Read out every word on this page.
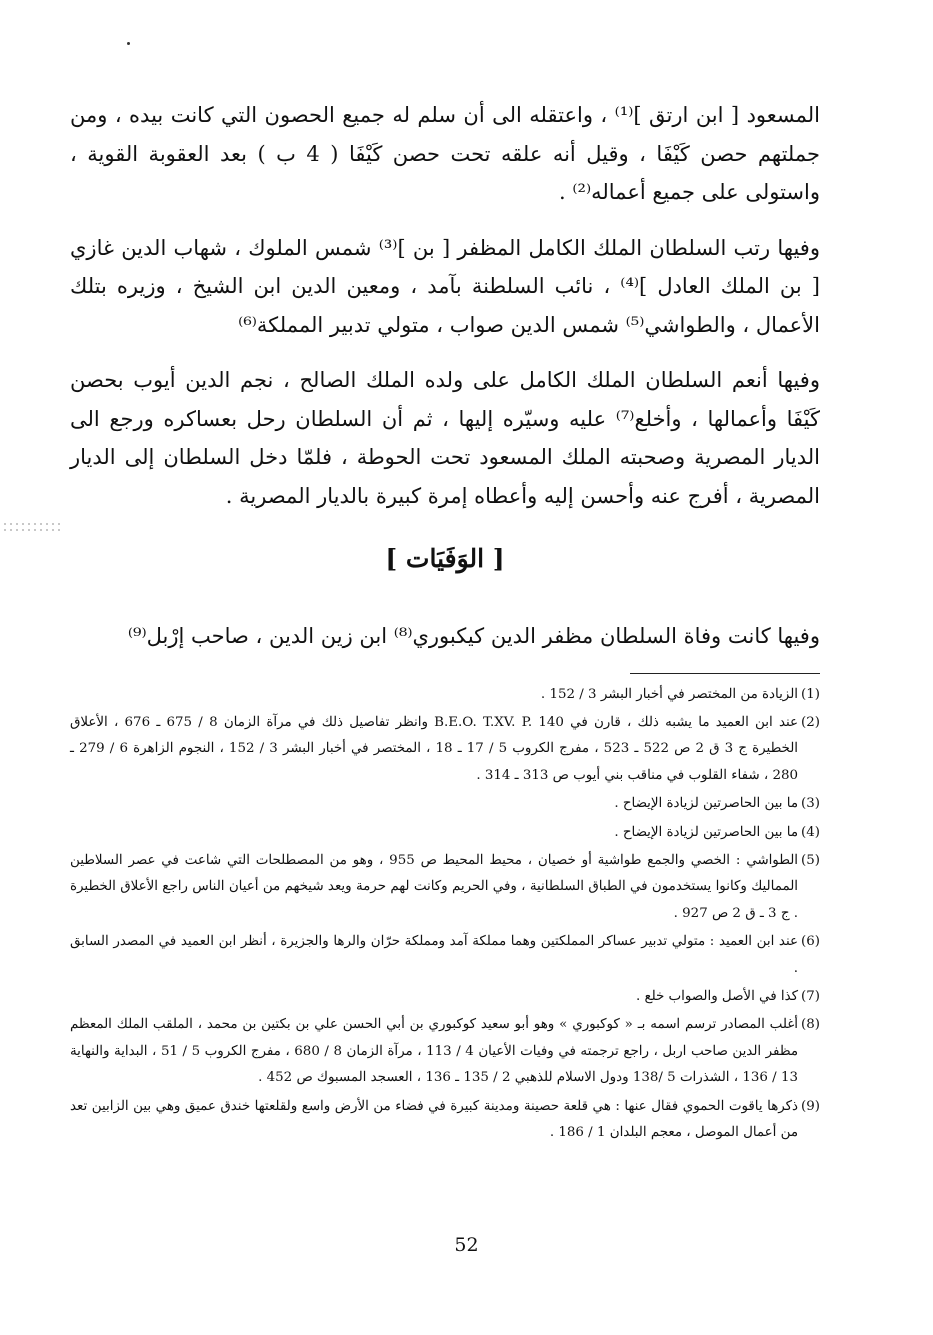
المسعود [ ابن ارتق ]⁽¹⁾ ، واعتقله الى أن سلم له جميع الحصون التي كانت بيده ، ومن جملتهم حصن كَيْفَا ، وقيل أنه علقه تحت حصن كَيْفَا ( 4 ب ) بعد العقوبة القوية ، واستولى على جميع أعماله⁽²⁾ .

وفيها رتب السلطان الملك الكامل المظفر [ بن ]⁽³⁾ شمس الملوك ، شهاب الدين غازي [ بن الملك العادل ]⁽⁴⁾ ، نائب السلطنة بآمد ، ومعين الدين ابن الشيخ ، وزيره بتلك الأعمال ، والطواشي⁽⁵⁾ شمس الدين صواب ، متولي تدبير المملكة⁽⁶⁾

وفيها أنعم السلطان الملك الكامل على ولده الملك الصالح ، نجم الدين أيوب بحصن كَيْفَا وأعمالها ، وأخلع⁽⁷⁾ عليه وسيّره إليها ، ثم أن السلطان رحل بعساكره ورجع الى الديار المصرية وصحبته الملك المسعود تحت الحوطة ، فلمّا دخل السلطان إلى الديار المصرية ، أفرج عنه وأحسن إليه وأعطاه إمرة كبيرة بالديار المصرية .

[ الوَفَيَات ]

وفيها كانت وفاة السلطان مظفر الدين كيكبوري⁽⁸⁾ ابن زين الدين ، صاحب إرْبل⁽⁹⁾

(1)
الزيادة من المختصر في أخبار البشر 3 / 152 .
(2)
عند ابن العميد ما يشبه ذلك ، قارن في B.E.O. T.XV. P. 140 وانظر تفاصيل ذلك في مرآة الزمان 8 / 675 ـ 676 ، الأعلاق الخطيرة ج 3 ق 2 ص 522 ـ 523 ، مفرج الكروب 5 / 17 ـ 18 ، المختصر في أخبار البشر 3 / 152 ، النجوم الزاهرة 6 / 279 ـ 280 ، شفاء القلوب في مناقب بني أيوب ص 313 ـ 314 .
(3)
ما بين الحاصرتين لزيادة الإيضاح .
(4)
ما بين الحاصرتين لزيادة الإيضاح .
(5)
الطواشي : الخصي والجمع طواشية أو خصيان ، محيط المحيط ص 955 ، وهو من المصطلحات التي شاعت في عصر السلاطين المماليك وكانوا يستخدمون في الطباق السلطانية ، وفي الحريم وكانت لهم حرمة ويعد شيخهم من أعيان الناس راجع الأعلاق الخطيرة . ج 3 ـ ق 2 ص 927 .
(6)
عند ابن العميد : متولي تدبير عساكر المملكتين وهما مملكة آمد ومملكة حرّان والرها والجزيرة ، أنظر ابن العميد في المصدر السابق .
(7)
كذا في الأصل والصواب خلع .
(8)
أغلب المصادر ترسم اسمه بـ « كوكبوري » وهو أبو سعيد كوكبوري بن أبي الحسن علي بن بكتين بن محمد ، الملقب الملك المعظم مظفر الدين صاحب اربل ، راجع ترجمته في وفيات الأعيان 4 / 113 ، مرآة الزمان 8 / 680 ، مفرج الكروب 5 / 51 ، البداية والنهاية 13 / 136 ، الشذرات 5 /138 ودول الاسلام للذهبي 2 / 135 ـ 136 ، العسجد المسبوك ص 452 .
(9)
ذكرها ياقوت الحموي فقال عنها : هي قلعة حصينة ومدينة كبيرة في فضاء من الأرض واسع ولقلعتها خندق عميق وهي بين الزابين تعد من أعمال الموصل ، معجم البلدان 1 / 186 .
52
